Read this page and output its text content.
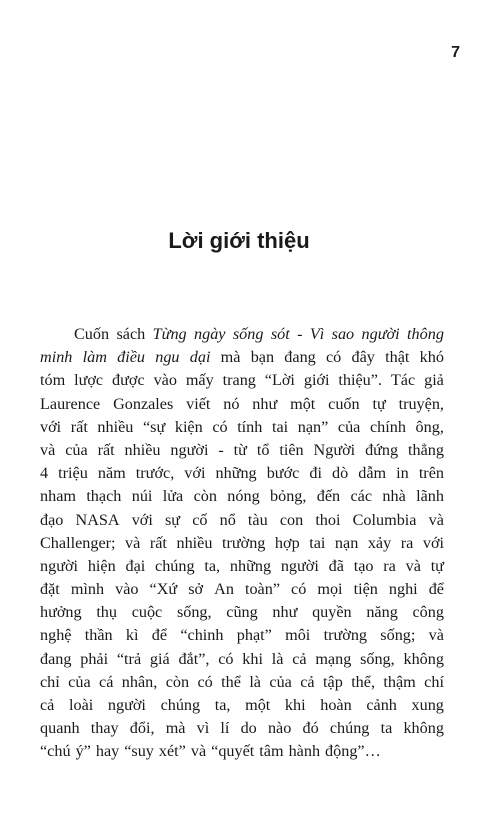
7
Lời giới thiệu
Cuốn sách Từng ngày sống sót - Vì sao người thông
minh làm điều ngu dại mà bạn đang có đây thật khó
tóm lược được vào mấy trang “Lời giới thiệu”. Tác giả
Laurence Gonzales viết nó như một cuốn tự truyện,
với rất nhiều “sự kiện có tính tai nạn” của chính ông,
và của rất nhiều người - từ tổ tiên Người đứng thẳng
4 triệu năm trước, với những bước đi dò dẫm in trên
nham thạch núi lửa còn nóng bỏng, đến các nhà lãnh
đạo NASA với sự cố nổ tàu con thoi Columbia và
Challenger; và rất nhiều trường hợp tai nạn xảy ra với
người hiện đại chúng ta, những người đã tạo ra và tự
đặt mình vào “Xứ sở An toàn” có mọi tiện nghi để
hưởng thụ cuộc sống, cũng như quyền năng công
nghệ thần kì để “chinh phạt” môi trường sống; và
đang phải “trả giá đắt”, có khi là cả mạng sống, không
chỉ của cá nhân, còn có thể là của cả tập thể, thậm chí
cả loài người chúng ta, một khi hoàn cảnh xung
quanh thay đổi, mà vì lí do nào đó chúng ta không
“chú ý” hay “suy xét” và “quyết tâm hành động”…
